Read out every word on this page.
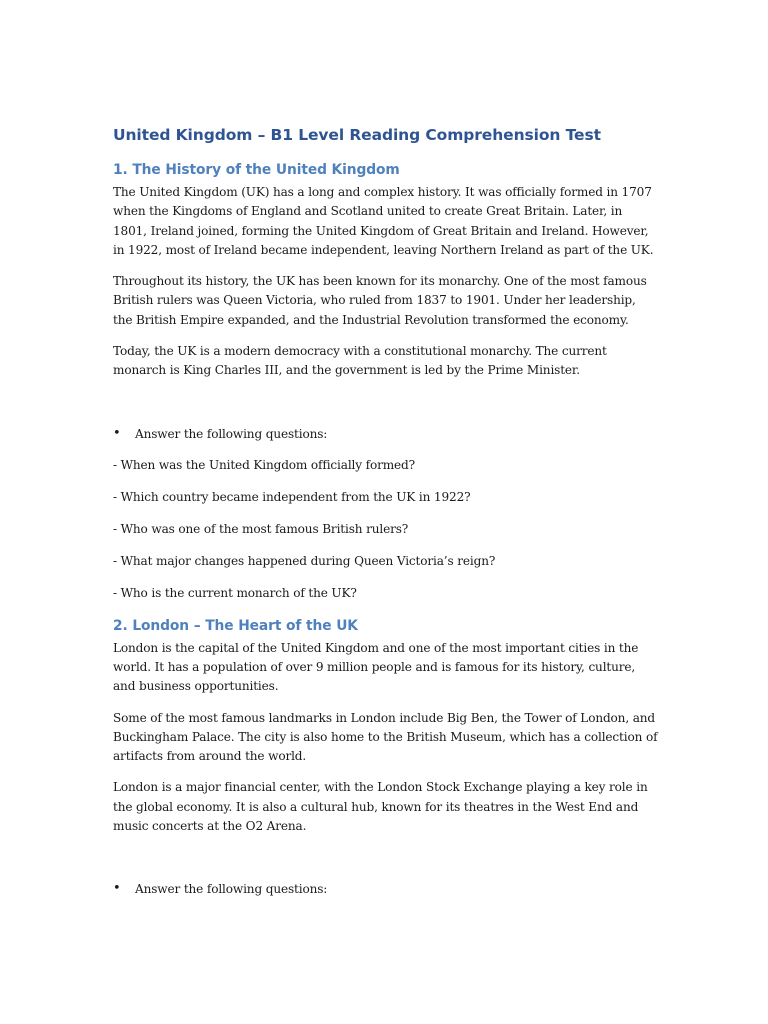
United Kingdom – B1 Level Reading Comprehension Test
1. The History of the United Kingdom

The United Kingdom (UK) has a long and complex history. It was officially formed in 1707 when the Kingdoms of England and Scotland united to create Great Britain. Later, in 1801, Ireland joined, forming the United Kingdom of Great Britain and Ireland. However, in 1922, most of Ireland became independent, leaving Northern Ireland as part of the UK.

Throughout its history, the UK has been known for its monarchy. One of the most famous British rulers was Queen Victoria, who ruled from 1837 to 1901. Under her leadership, the British Empire expanded, and the Industrial Revolution transformed the economy.

Today, the UK is a modern democracy with a constitutional monarchy. The current monarch is King Charles III, and the government is led by the Prime Minister.

•	Answer the following questions:

- When was the United Kingdom officially formed?

- Which country became independent from the UK in 1922?

- Who was one of the most famous British rulers?

- What major changes happened during Queen Victoria’s reign?

- Who is the current monarch of the UK?

2. London – The Heart of the UK

London is the capital of the United Kingdom and one of the most important cities in the world. It has a population of over 9 million people and is famous for its history, culture, and business opportunities.

Some of the most famous landmarks in London include Big Ben, the Tower of London, and Buckingham Palace. The city is also home to the British Museum, which has a collection of artifacts from around the world.

London is a major financial center, with the London Stock Exchange playing a key role in the global economy. It is also a cultural hub, known for its theatres in the West End and music concerts at the O2 Arena.

•	Answer the following questions:
